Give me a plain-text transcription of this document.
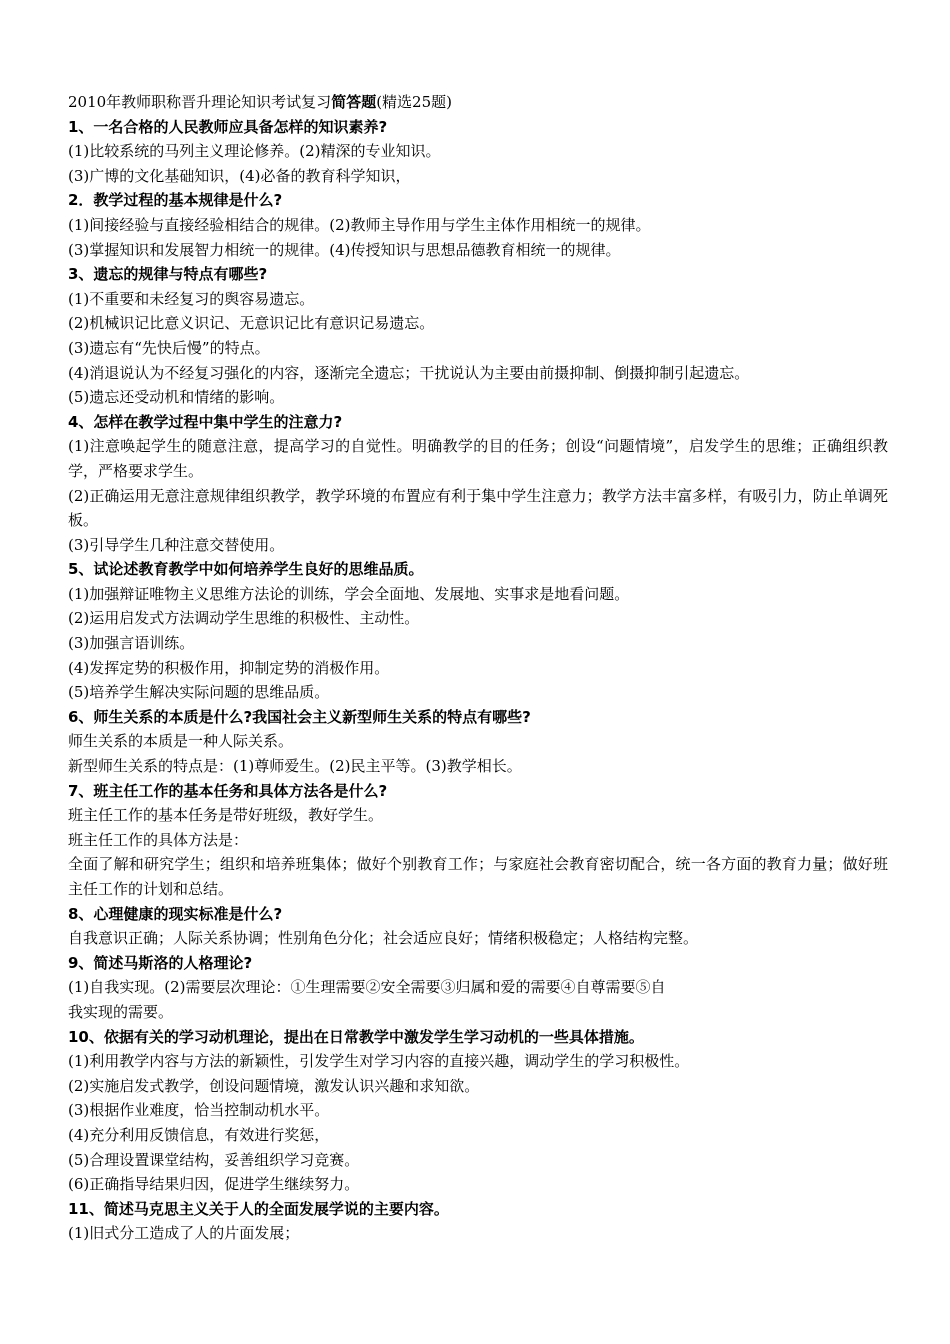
2010年教师职称晋升理论知识考试复习简答题(精选25题)
1、一名合格的人民教师应具备怎样的知识素养?
(1)比较系统的马列主义理论修养。(2)精深的专业知识。
(3)广博的文化基础知识，(4)必备的教育科学知识，
2．教学过程的基本规律是什么?
(1)间接经验与直接经验相结合的规律。(2)教师主导作用与学生主体作用相统一的规律。
(3)掌握知识和发展智力相统一的规律。(4)传授知识与思想品德教育相统一的规律。
3、遗忘的规律与特点有哪些?
(1)不重要和未经复习的舆容易遗忘。
(2)机械识记比意义识记、无意识记比有意识记易遗忘。
(3)遗忘有“先快后慢”的特点。
(4)消退说认为不经复习强化的内容，逐渐完全遗忘；干扰说认为主要由前摄抑制、倒摄抑制引起遗忘。
(5)遗忘还受动机和情绪的影响。
4、怎样在教学过程中集中学生的注意力?
(1)注意唤起学生的随意注意，提高学习的自觉性。明确教学的目的任务；创设“问题情境”，启发学生的思维；正确组织教学，严格要求学生。
(2)正确运用无意注意规律组织教学，教学环境的布置应有利于集中学生注意力；教学方法丰富多样，有吸引力，防止单调死板。
(3)引导学生几种注意交替使用。
5、试论述教育教学中如何培养学生良好的思维品质。
(1)加强辩证唯物主义思维方法论的训练，学会全面地、发展地、实事求是地看问题。
(2)运用启发式方法调动学生思维的积极性、主动性。
(3)加强言语训练。
(4)发挥定势的积极作用，抑制定势的消极作用。
(5)培养学生解决实际问题的思维品质。
6、师生关系的本质是什么?我国社会主义新型师生关系的特点有哪些?
师生关系的本质是一种人际关系。
新型师生关系的特点是：(1)尊师爱生。(2)民主平等。(3)教学相长。
7、班主任工作的基本任务和具体方法各是什么?
班主任工作的基本任务是带好班级，教好学生。
班主任工作的具体方法是：
全面了解和研究学生；组织和培养班集体；做好个别教育工作；与家庭社会教育密切配合，统一各方面的教育力量；做好班主任工作的计划和总结。
8、心理健康的现实标准是什么?
自我意识正确；人际关系协调；性别角色分化；社会适应良好；情绪积极稳定；人格结构完整。
9、简述马斯洛的人格理论?
(1)自我实现。(2)需要层次理论：①生理需要②安全需要③归属和爱的需要④自尊需要⑤自
我实现的需要。
10、依据有关的学习动机理论，提出在日常教学中激发学生学习动机的一些具体措施。
(1)利用教学内容与方法的新颖性，引发学生对学习内容的直接兴趣，调动学生的学习积极性。
(2)实施启发式教学，创设问题情境，激发认识兴趣和求知欲。
(3)根据作业难度，恰当控制动机水平。
(4)充分利用反馈信息，有效进行奖惩，
(5)合理设置课堂结构，妥善组织学习竞赛。
(6)正确指导结果归因，促进学生继续努力。
11、简述马克思主义关于人的全面发展学说的主要内容。
(1)旧式分工造成了人的片面发展；
